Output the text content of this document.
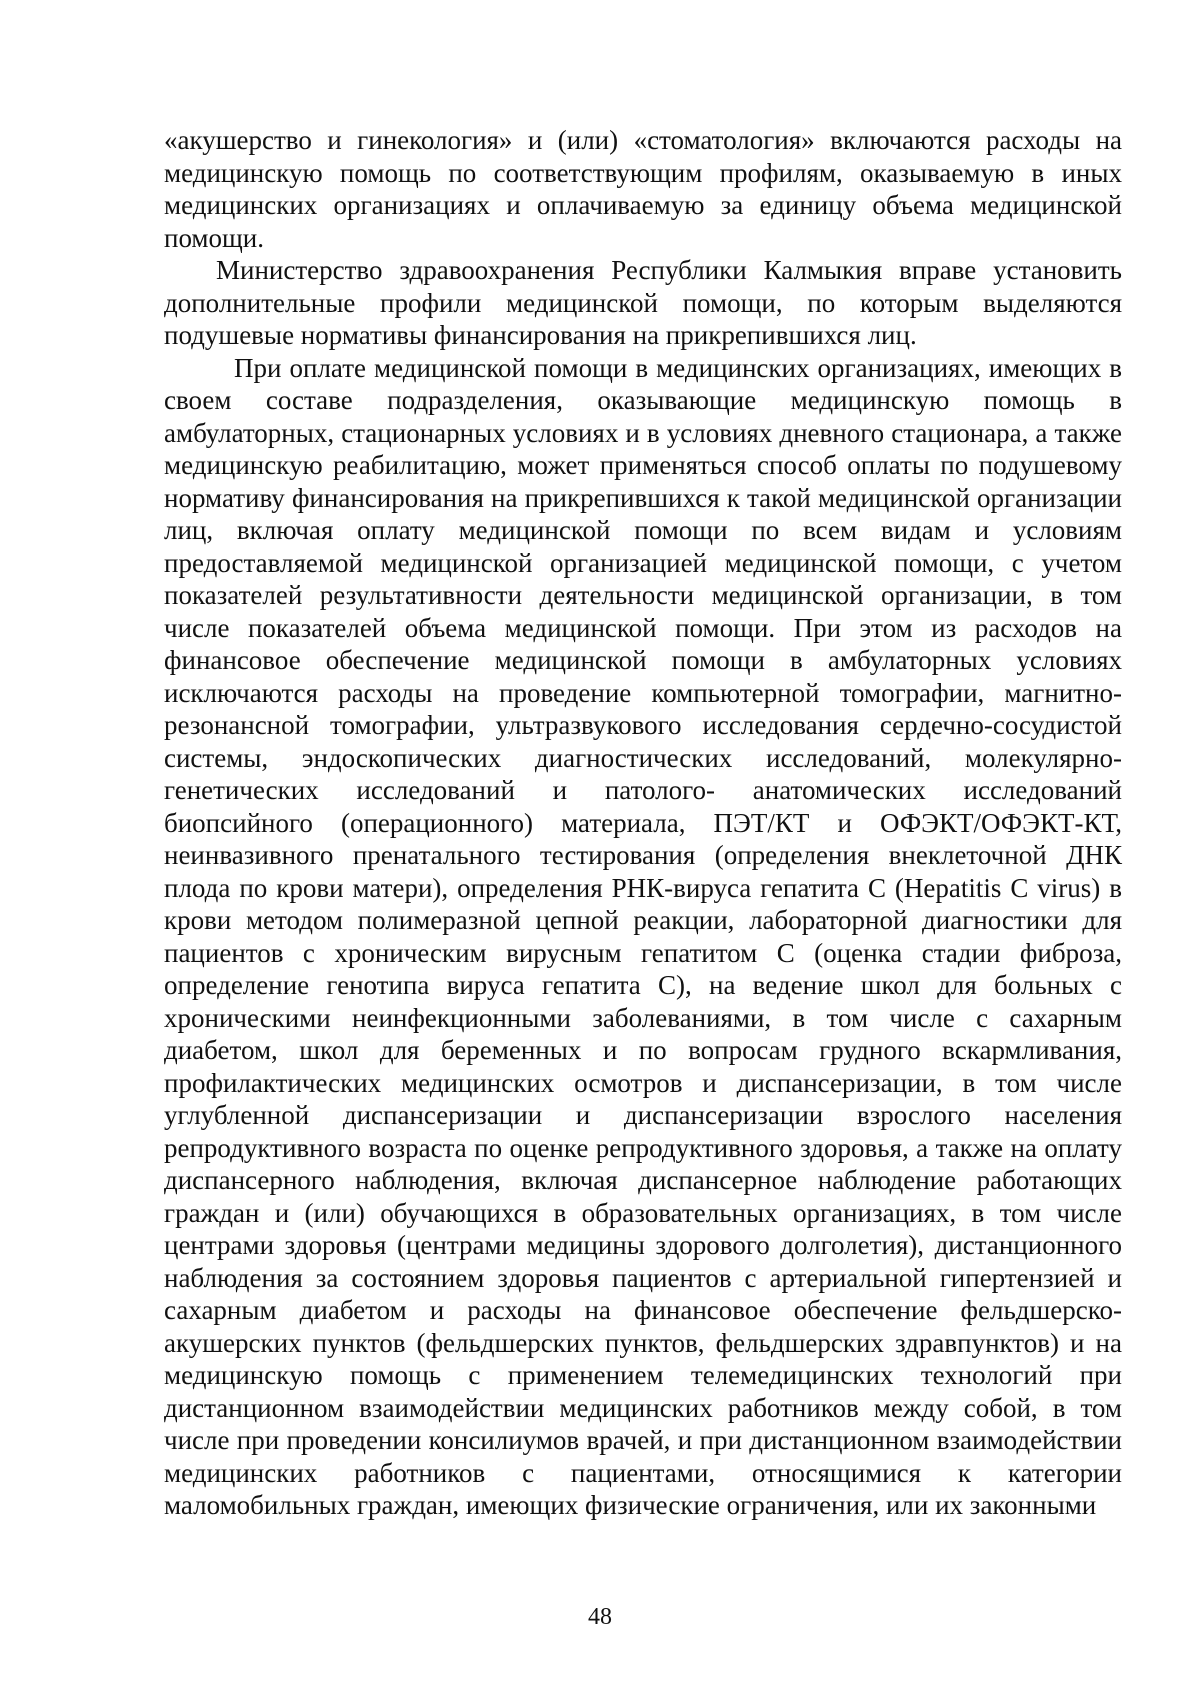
«акушерство и гинекология» и (или) «стоматология» включаются расходы на медицинскую помощь по соответствующим профилям, оказываемую в иных медицинских организациях и оплачиваемую за единицу объема медицинской помощи.

Министерство здравоохранения Республики Калмыкия вправе установить дополнительные профили медицинской помощи, по которым выделяются подушевые нормативы финансирования на прикрепившихся лиц.

При оплате медицинской помощи в медицинских организациях, имеющих в своем составе подразделения, оказывающие медицинскую помощь в амбулаторных, стационарных условиях и в условиях дневного стационара, а также медицинскую реабилитацию, может применяться способ оплаты по подушевому нормативу финансирования на прикрепившихся к такой медицинской организации лиц, включая оплату медицинской помощи по всем видам и условиям предоставляемой медицинской организацией медицинской помощи, с учетом показателей результативности деятельности медицинской организации, в том числе показателей объема медицинской помощи. При этом из расходов на финансовое обеспечение медицинской помощи в амбулаторных условиях исключаются расходы на проведение компьютерной томографии, магнитно-резонансной томографии, ультразвукового исследования сердечно-сосудистой системы, эндоскопических диагностических исследований, молекулярно-генетических исследований и патолого- анатомических исследований биопсийного (операционного) материала, ПЭТ/КТ и ОФЭКТ/ОФЭКТ-КТ, неинвазивного пренатального тестирования (определения внеклеточной ДНК плода по крови матери), определения РНК-вируса гепатита С (Hepatitis С virus) в крови методом полимеразной цепной реакции, лабораторной диагностики для пациентов с хроническим вирусным гепатитом С (оценка стадии фиброза, определение генотипа вируса гепатита С), на ведение школ для больных с хроническими неинфекционными заболеваниями, в том числе с сахарным диабетом, школ для беременных и по вопросам грудного вскармливания, профилактических медицинских осмотров и диспансеризации, в том числе углубленной диспансеризации и диспансеризации взрослого населения репродуктивного возраста по оценке репродуктивного здоровья, а также на оплату диспансерного наблюдения, включая диспансерное наблюдение работающих граждан и (или) обучающихся в образовательных организациях, в том числе центрами здоровья (центрами медицины здорового долголетия), дистанционного наблюдения за состоянием здоровья пациентов с артериальной гипертензией и сахарным диабетом и расходы на финансовое обеспечение фельдшерско-акушерских пунктов (фельдшерских пунктов, фельдшерских здравпунктов) и на медицинскую помощь с применением телемедицинских технологий при дистанционном взаимодействии медицинских работников между собой, в том числе при проведении консилиумов врачей, и при дистанционном взаимодействии медицинских работников с пациентами, относящимися к категории маломобильных граждан, имеющих физические ограничения, или их законными

48
